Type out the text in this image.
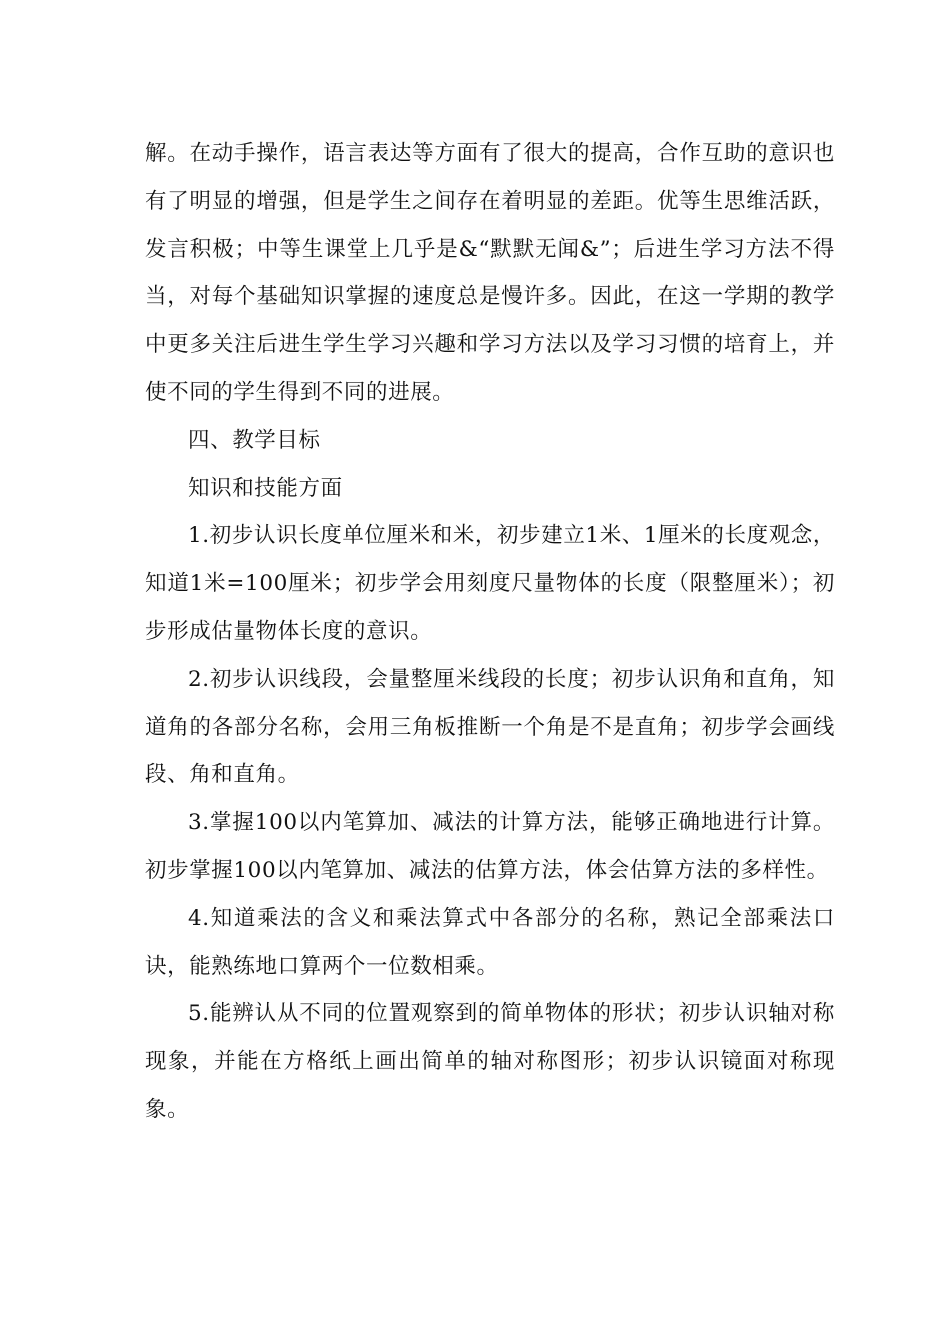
解。在动手操作，语言表达等方面有了很大的提高，合作互助的意识也有了明显的增强，但是学生之间存在着明显的差距。优等生思维活跃，发言积极；中等生课堂上几乎是&“默默无闻&”；后进生学习方法不得当，对每个基础知识掌握的速度总是慢许多。因此，在这一学期的教学中更多关注后进生学生学习兴趣和学习方法以及学习习惯的培育上，并使不同的学生得到不同的进展。

四、教学目标

知识和技能方面

1.初步认识长度单位厘米和米，初步建立1米、1厘米的长度观念，知道1米=100厘米；初步学会用刻度尺量物体的长度（限整厘米）；初步形成估量物体长度的意识。

2.初步认识线段，会量整厘米线段的长度；初步认识角和直角，知道角的各部分名称，会用三角板推断一个角是不是直角；初步学会画线段、角和直角。

3.掌握100以内笔算加、减法的计算方法，能够正确地进行计算。初步掌握100以内笔算加、减法的估算方法，体会估算方法的多样性。

4.知道乘法的含义和乘法算式中各部分的名称，熟记全部乘法口诀，能熟练地口算两个一位数相乘。

5.能辨认从不同的位置观察到的简单物体的形状；初步认识轴对称现象，并能在方格纸上画出简单的轴对称图形；初步认识镜面对称现象。
